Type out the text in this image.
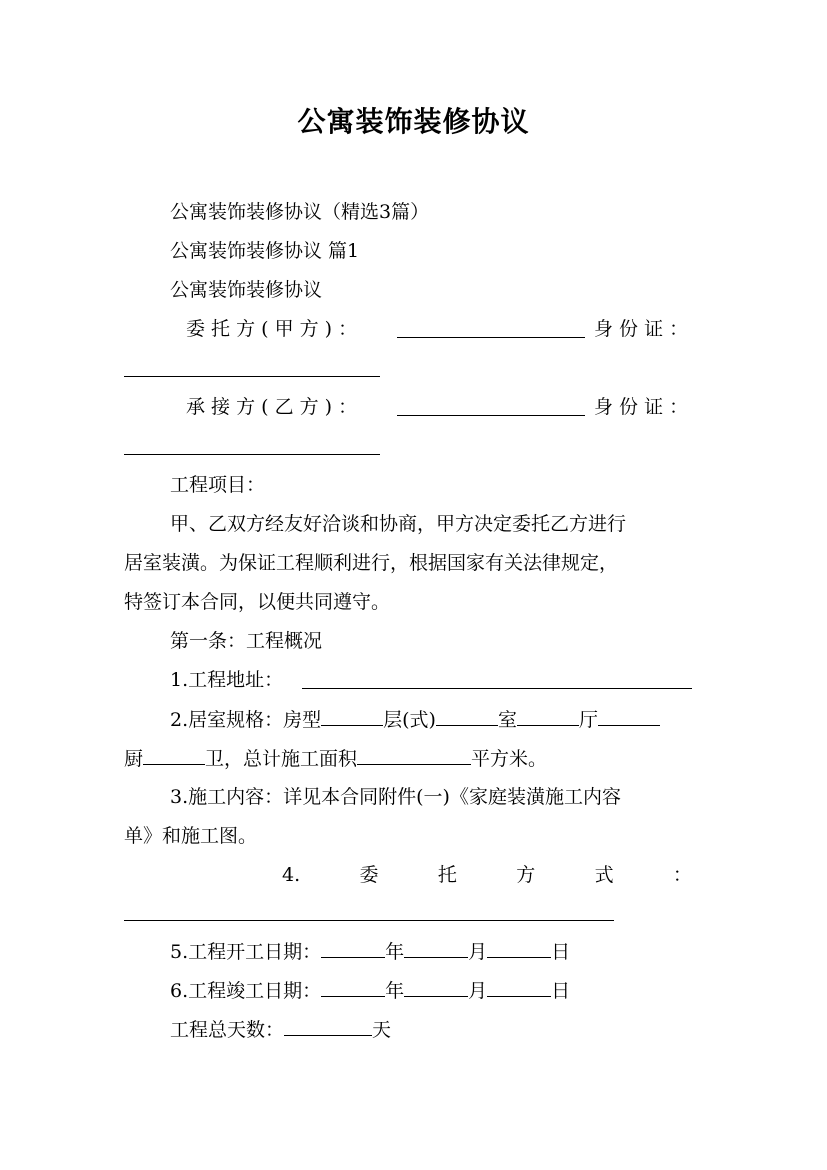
公寓装饰装修协议
公寓装饰装修协议（精选3篇）
公寓装饰装修协议 篇1
公寓装饰装修协议
委 托 方 ( 甲 方 ) ：	身 份 证 ：
承 接 方 ( 乙 方 ) ：	身 份 证 ：
工程项目：
甲、乙双方经友好洽谈和协商，甲方决定委托乙方进行
居室装潢。为保证工程顺利进行，根据国家有关法律规定，
特签订本合同，以便共同遵守。
第一条：工程概况
1.工程地址：
2.居室规格：房型	层(式)	室	厅
厨	卫，总计施工面积	平方米。
3.施工内容：详见本合同附件(一)《家庭装潢施工内容
单》和施工图。
4.	委	托	方	式	：
5.工程开工日期：	年	月	日
6.工程竣工日期：	年	月	日
工程总天数：	天
